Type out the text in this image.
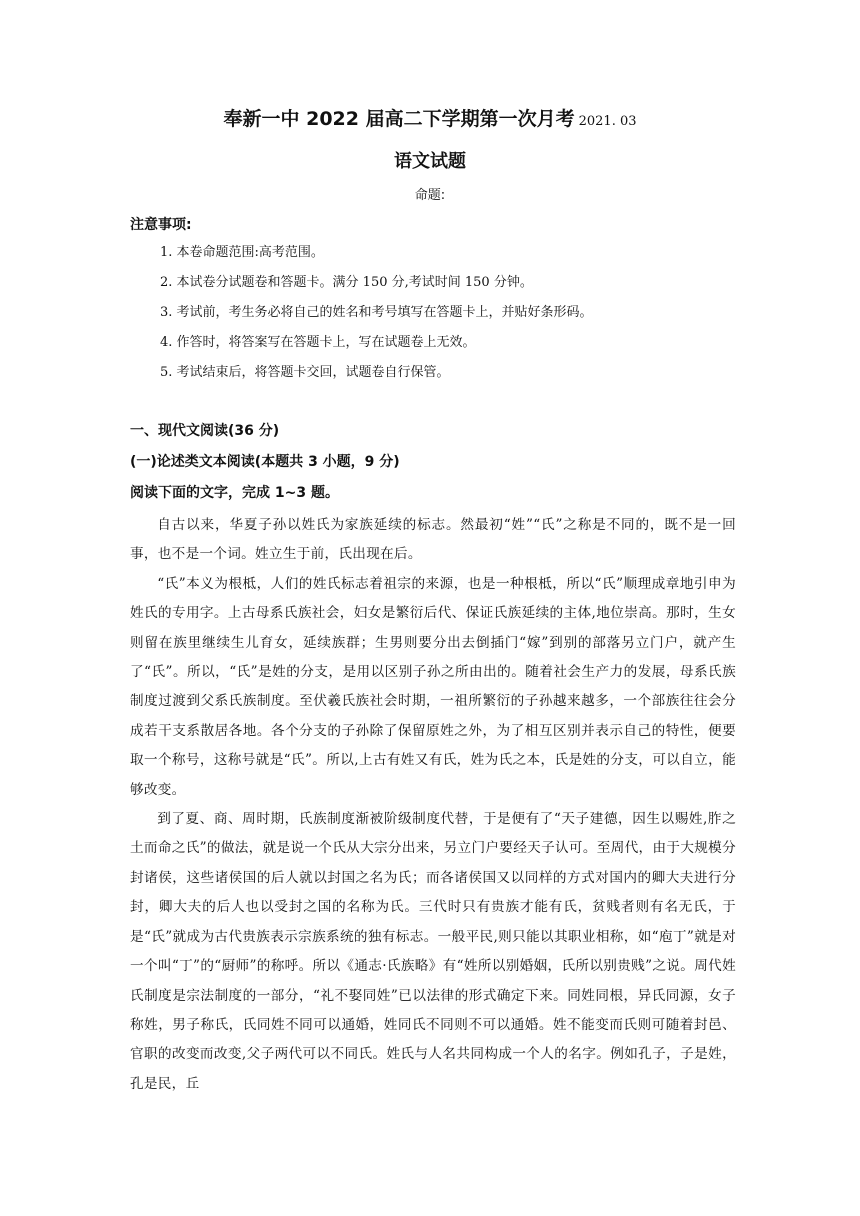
奉新一中 2022 届高二下学期第一次月考 2021. 03
语文试题
命题:
注意事项:
1. 本卷命题范围:高考范围。
2. 本试卷分试题卷和答题卡。满分 150 分,考试时间 150 分钟。
3. 考试前，考生务必将自己的姓名和考号填写在答题卡上，并贴好条形码。
4. 作答时，将答案写在答题卡上，写在试题卷上无效。
5. 考试结束后，将答题卡交回，试题卷自行保管。
一、现代文阅读(36 分)
(一)论述类文本阅读(本题共 3 小题，9 分)
阅读下面的文字，完成 1~3 题。

自古以来，华夏子孙以姓氏为家族延续的标志。然最初“姓”“氏”之称是不同的，既不是一回事，也不是一个词。姓立生于前，氏出现在后。

“氏”本义为根柢，人们的姓氏标志着祖宗的来源，也是一种根柢，所以“氏”顺理成章地引申为姓氏的专用字。上古母系氏族社会，妇女是繁衍后代、保证氏族延续的主体,地位崇高。那时，生女则留在族里继续生儿育女，延续族群；生男则要分出去倒插门“嫁”到别的部落另立门户，就产生了“氏”。所以，“氏”是姓的分支，是用以区别子孙之所由出的。随着社会生产力的发展，母系氏族制度过渡到父系氏族制度。至伏羲氏族社会时期，一祖所繁衍的子孙越来越多，一个部族往往会分成若干支系散居各地。各个分支的子孙除了保留原姓之外，为了相互区别并表示自己的特性，便要取一个称号，这称号就是“氏”。所以,上古有姓又有氏，姓为氏之本，氏是姓的分支，可以自立，能够改变。

到了夏、商、周时期，氏族制度渐被阶级制度代替，于是便有了“天子建德，因生以赐姓,胙之土而命之氏”的做法，就是说一个氏从大宗分出来，另立门户要经天子认可。至周代，由于大规模分封诸侯，这些诸侯国的后人就以封国之名为氏；而各诸侯国又以同样的方式对国内的卿大夫进行分封，卿大夫的后人也以受封之国的名称为氏。三代时只有贵族才能有氏，贫贱者则有名无氏，于是“氏”就成为古代贵族表示宗族系统的独有标志。一般平民,则只能以其职业相称，如“庖丁”就是对一个叫“丁”的“厨师”的称呼。所以《通志·氏族略》有“姓所以别婚姻，氏所以别贵贱”之说。周代姓氏制度是宗法制度的一部分，“礼不娶同姓”已以法律的形式确定下来。同姓同根，异氏同源，女子称姓，男子称氏，氏同姓不同可以通婚，姓同氏不同则不可以通婚。姓不能变而氏则可随着封邑、官职的改变而改变,父子两代可以不同氏。姓氏与人名共同构成一个人的名字。例如孔子，子是姓，孔是民，丘
